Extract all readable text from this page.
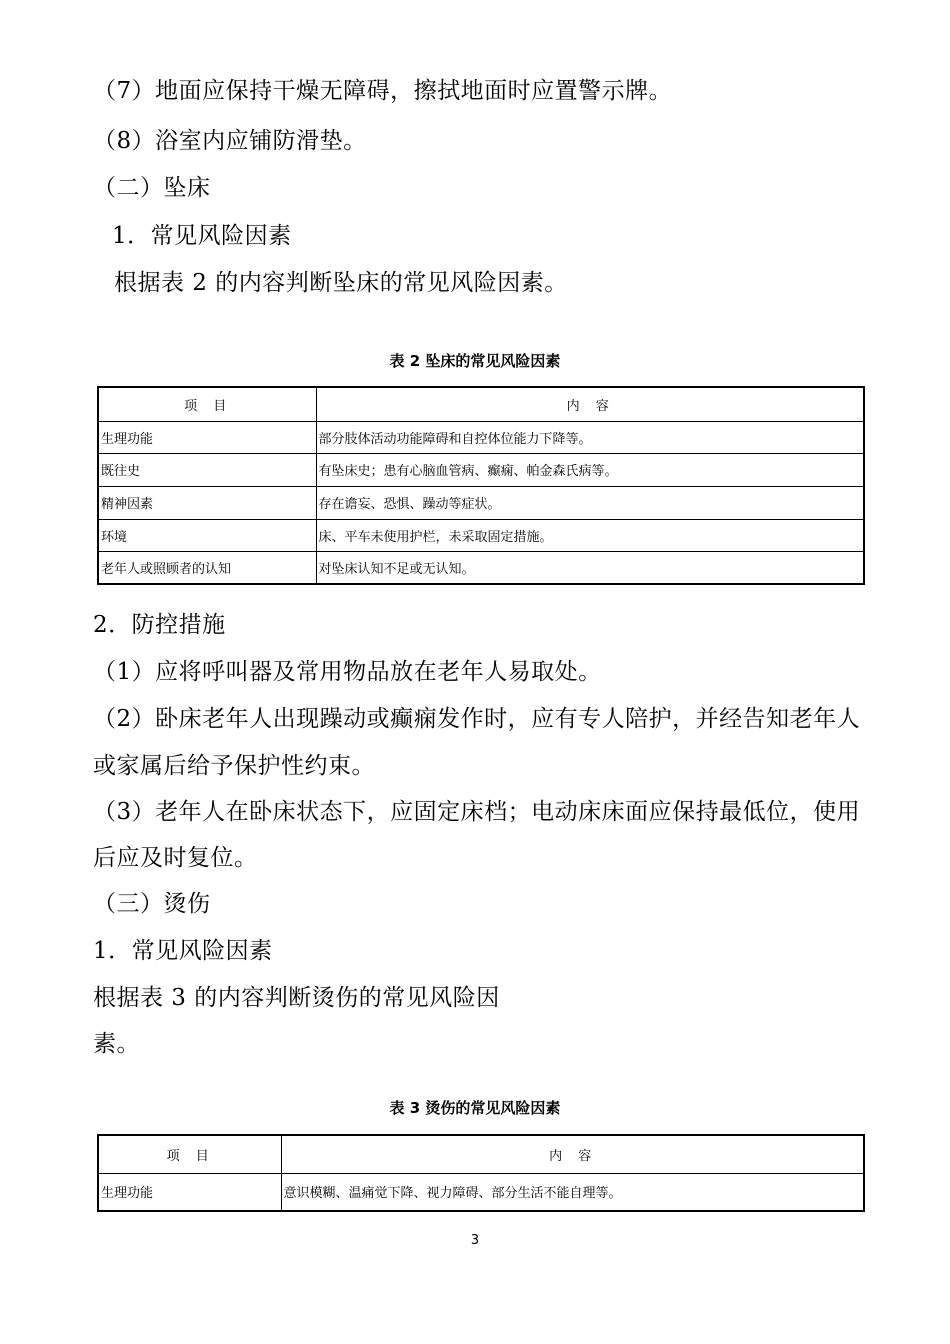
（7）地面应保持干燥无障碍，擦拭地面时应置警示牌。
（8）浴室内应铺防滑垫。
（二）坠床
1．常见风险因素
根据表 2 的内容判断坠床的常见风险因素。
表 2 坠床的常见风险因素
项 目	内 容
生理功能	部分肢体活动功能障碍和自控体位能力下降等。
既往史	有坠床史；患有心脑血管病、癫痫、帕金森氏病等。
精神因素	存在谵妄、恐惧、躁动等症状。
环境	床、平车未使用护栏，未采取固定措施。
老年人或照顾者的认知	对坠床认知不足或无认知。
2．防控措施
（1）应将呼叫器及常用物品放在老年人易取处。
（2）卧床老年人出现躁动或癫痫发作时，应有专人陪护，并经告知老年人
或家属后给予保护性约束。
（3）老年人在卧床状态下，应固定床档；电动床床面应保持最低位，使用
后应及时复位。
（三）烫伤
1．常见风险因素
根据表 3 的内容判断烫伤的常见风险因
素。
表 3 烫伤的常见风险因素
项 目	内 容
生理功能	意识模糊、温痛觉下降、视力障碍、部分生活不能自理等。
3
